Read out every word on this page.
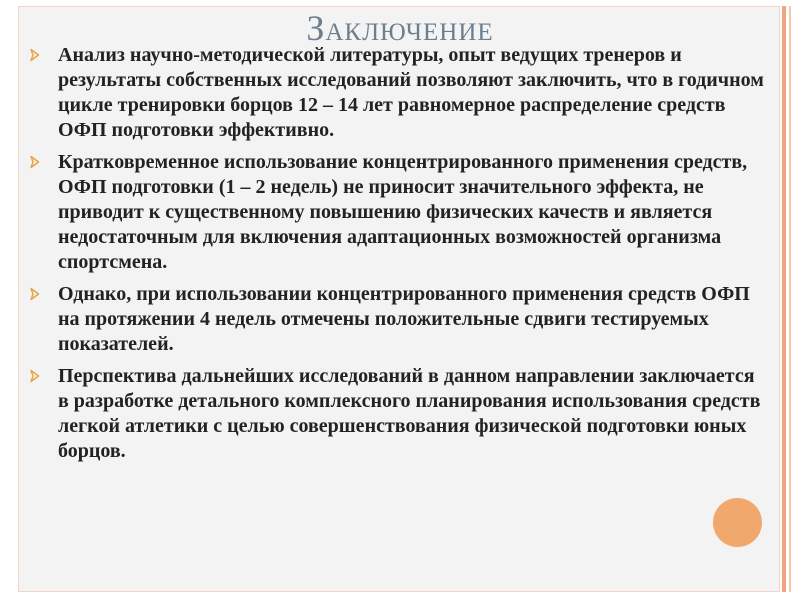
Заключение
Анализ научно-методической литературы, опыт ведущих тренеров и результаты собственных исследований позволяют заключить, что в годичном цикле тренировки борцов 12 – 14 лет равномерное распределение средств ОФП подготовки эффективно.
Кратковременное использование концентрированного применения средств, ОФП подготовки (1 – 2 недель) не приносит значительного эффекта, не приводит к существенному повышению физических качеств и является недостаточным для включения адаптационных возможностей организма спортсмена.
Однако, при использовании концентрированного применения средств ОФП на протяжении 4 недель отмечены положительные сдвиги тестируемых показателей.
Перспектива дальнейших исследований в данном направлении заключается в разработке детального комплексного планирования использования средств легкой атлетики с целью совершенствования физической подготовки юных борцов.
